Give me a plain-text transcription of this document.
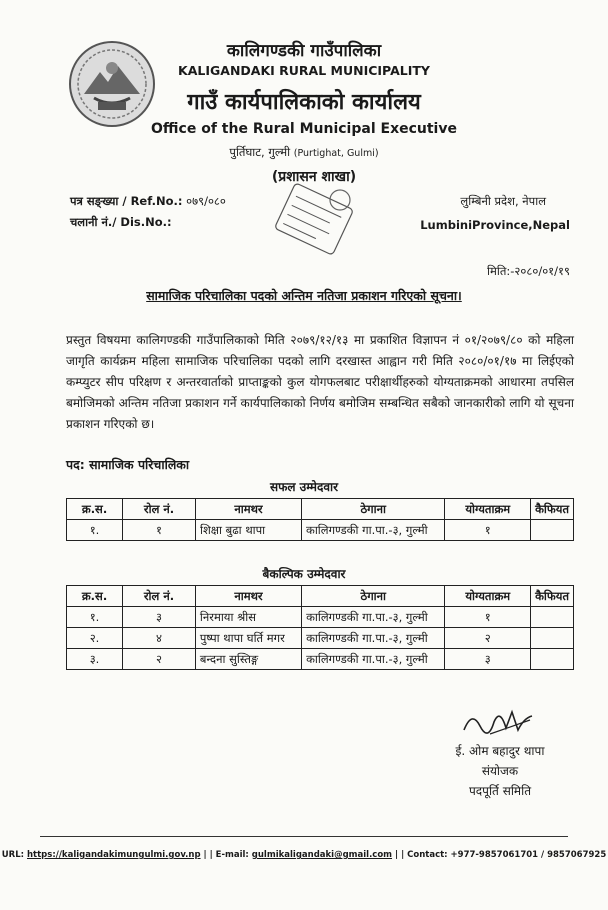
कालिगण्डकी गाउँपालिका
KALIGANDAKI RURAL MUNICIPALITY
गाउँ कार्यपालिकाको कार्यालय
Office of the Rural Municipal Executive
पुर्तिघाट, गुल्मी (Purtighat, Gulmi)
(प्रशासन शाखा)
पत्र सङ्ख्या / Ref.No.: ०७९/०८०
चलानी नं./ Dis.No.:
लुम्बिनी प्रदेश, नेपाल
LumbiniProvince,Nepal
मिति:-२०८०/०१/१९
सामाजिक परिचालिका पदको अन्तिम नतिजा प्रकाशन गरिएको सूचना।
प्रस्तुत विषयमा कालिगण्डकी गाउँपालिकाको मिति २०७९/१२/१३ मा प्रकाशित विज्ञापन नं ०१/२०७९/८० को महिला जागृति कार्यक्रम महिला सामाजिक परिचालिका पदको लागि दरखास्त आह्वान गरी मिति २०८०/०१/१७ मा लिईएको कम्प्युटर सीप परिक्षण र अन्तरवार्ताको प्राप्ताङ्कको कुल योगफलबाट परीक्षार्थीहरुको योग्यताक्रमको आधारमा तपसिल बमोजिमको अन्तिम नतिजा प्रकाशन गर्ने कार्यपालिकाको निर्णय बमोजिम सम्बन्धित सबैको जानकारीको लागि यो सूचना प्रकाशन गरिएको छ।
पद: सामाजिक परिचालिका
सफल उम्मेदवार
क्र.स.	रोल नं.	नामथर	ठेगाना	योग्यताक्रम	कैफियत
१.	१	शिक्षा बुढा थापा	कालिगण्डकी गा.पा.-३, गुल्मी	१	
बैकल्पिक उम्मेदवार
क्र.स.	रोल नं.	नामथर	ठेगाना	योग्यताक्रम	कैफियत
१.	३	निरमाया श्रीस	कालिगण्डकी गा.पा.-३, गुल्मी	१	
२.	४	पुष्पा थापा घर्ति मगर	कालिगण्डकी गा.पा.-३, गुल्मी	२	
३.	२	बन्दना सुस्तिङ्ग	कालिगण्डकी गा.पा.-३, गुल्मी	३	
ई. ओम बहादुर थापा
संयोजक
पदपूर्ति समिति
URL: https://kaligandakimungulmi.gov.np | | E-mail: gulmikaligandaki@gmail.com | | Contact: +977-9857061701 / 9857067925
